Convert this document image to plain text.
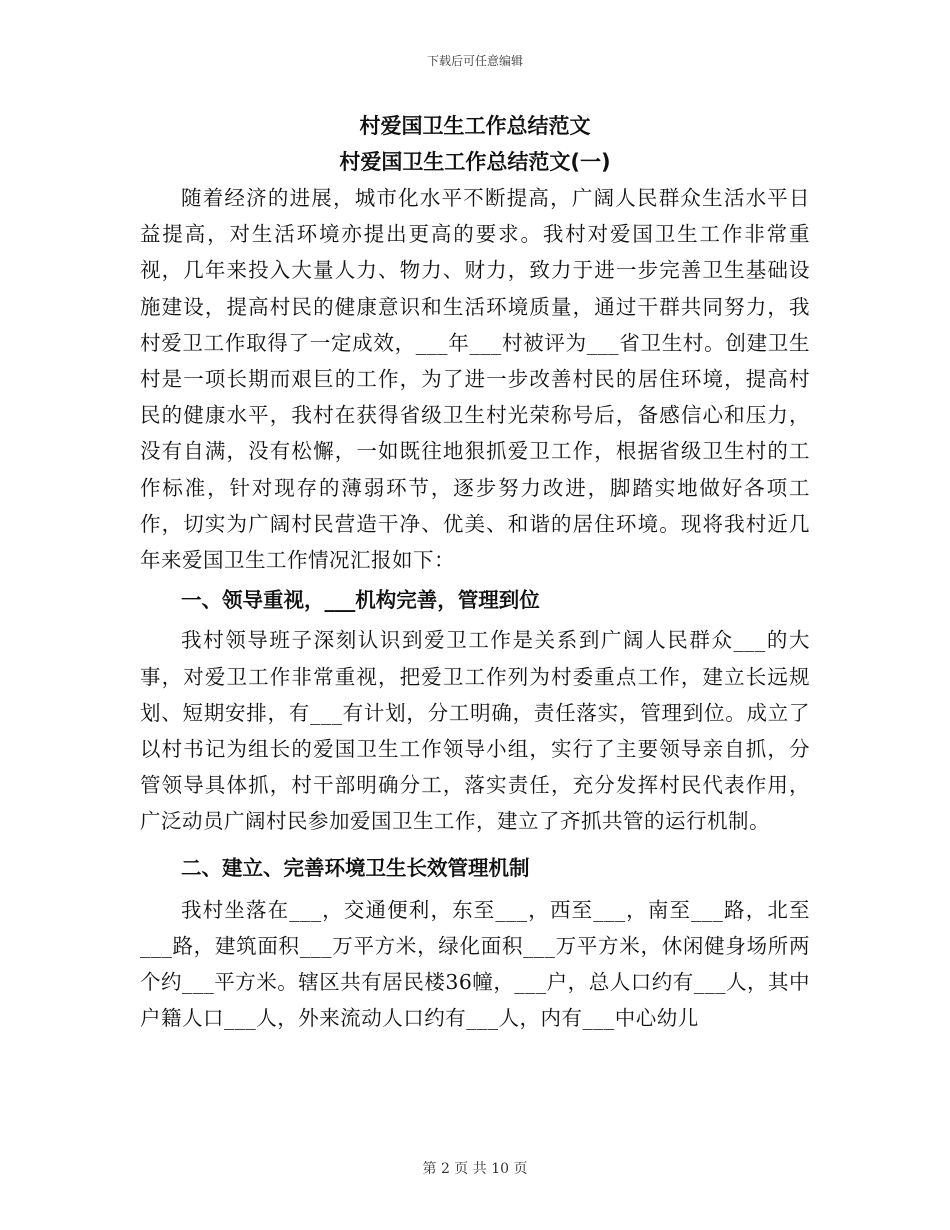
下载后可任意编辑
村爱国卫生工作总结范文
村爱国卫生工作总结范文(一)

随着经济的进展，城市化水平不断提高，广阔人民群众生活水平日益提高，对生活环境亦提出更高的要求。我村对爱国卫生工作非常重视，几年来投入大量人力、物力、财力，致力于进一步完善卫生基础设施建设，提高村民的健康意识和生活环境质量，通过干群共同努力，我村爱卫工作取得了一定成效，___年___村被评为___省卫生村。创建卫生村是一项长期而艰巨的工作，为了进一步改善村民的居住环境，提高村民的健康水平，我村在获得省级卫生村光荣称号后，备感信心和压力，没有自满，没有松懈，一如既往地狠抓爱卫工作，根据省级卫生村的工作标准，针对现存的薄弱环节，逐步努力改进，脚踏实地做好各项工作，切实为广阔村民营造干净、优美、和谐的居住环境。现将我村近几年来爱国卫生工作情况汇报如下：

一、领导重视，___机构完善，管理到位

我村领导班子深刻认识到爱卫工作是关系到广阔人民群众___的大事，对爱卫工作非常重视，把爱卫工作列为村委重点工作，建立长远规划、短期安排，有___有计划，分工明确，责任落实，管理到位。成立了以村书记为组长的爱国卫生工作领导小组，实行了主要领导亲自抓，分管领导具体抓，村干部明确分工，落实责任，充分发挥村民代表作用，广泛动员广阔村民参加爱国卫生工作，建立了齐抓共管的运行机制。

二、建立、完善环境卫生长效管理机制

我村坐落在___，交通便利，东至___，西至___，南至___路，北至___路，建筑面积___万平方米，绿化面积___万平方米，休闲健身场所两个约___平方米。辖区共有居民楼36幢，___户，总人口约有___人，其中户籍人口___人，外来流动人口约有___人，内有___中心幼儿

第 2 页 共 10 页
